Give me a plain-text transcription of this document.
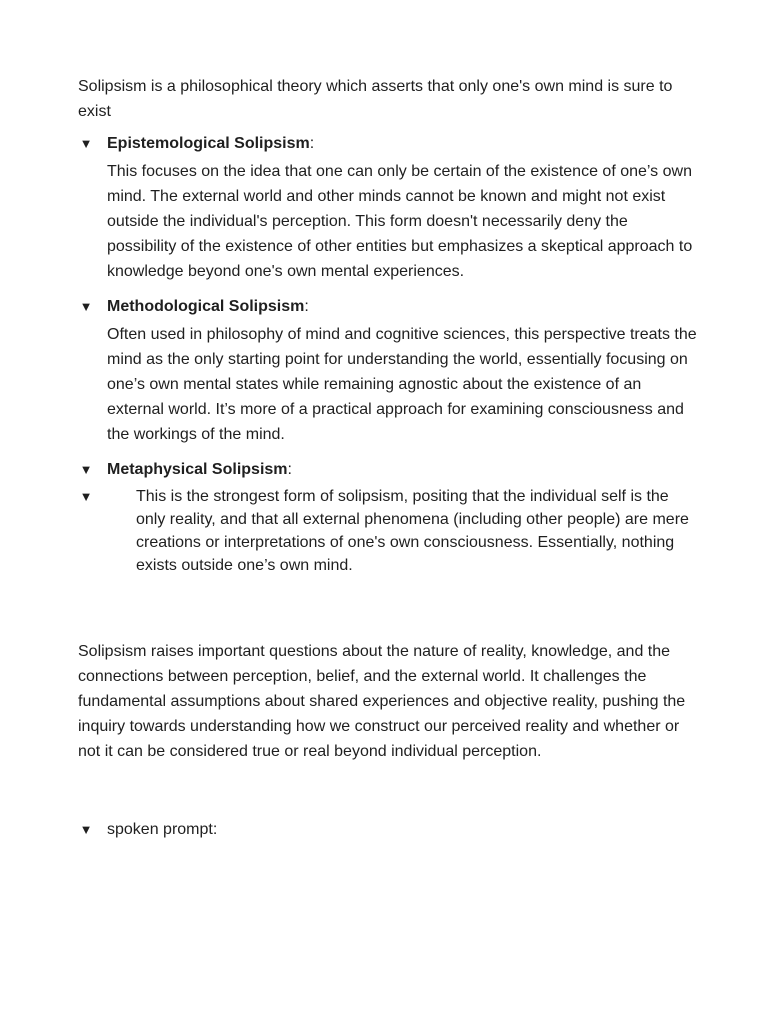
Solipsism is a philosophical theory which asserts that only one's own mind is sure to exist

▼ Epistemological Solipsism:

This focuses on the idea that one can only be certain of the existence of one’s own mind. The external world and other minds cannot be known and might not exist outside the individual's perception. This form doesn't necessarily deny the possibility of the existence of other entities but emphasizes a skeptical approach to knowledge beyond one's own mental experiences.

▼ Methodological Solipsism:

Often used in philosophy of mind and cognitive sciences, this perspective treats the mind as the only starting point for understanding the world, essentially focusing on one’s own mental states while remaining agnostic about the existence of an external world. It’s more of a practical approach for examining consciousness and the workings of the mind.

▼ Metaphysical Solipsism:
▼	This is the strongest form of solipsism, positing that the individual self is the only reality, and that all external phenomena (including other people) are mere creations or interpretations of one's own consciousness. Essentially, nothing exists outside one’s own mind.

Solipsism raises important questions about the nature of reality, knowledge, and the connections between perception, belief, and the external world. It challenges the fundamental assumptions about shared experiences and objective reality, pushing the inquiry towards understanding how we construct our perceived reality and whether or not it can be considered true or real beyond individual perception.

▼ spoken prompt:
